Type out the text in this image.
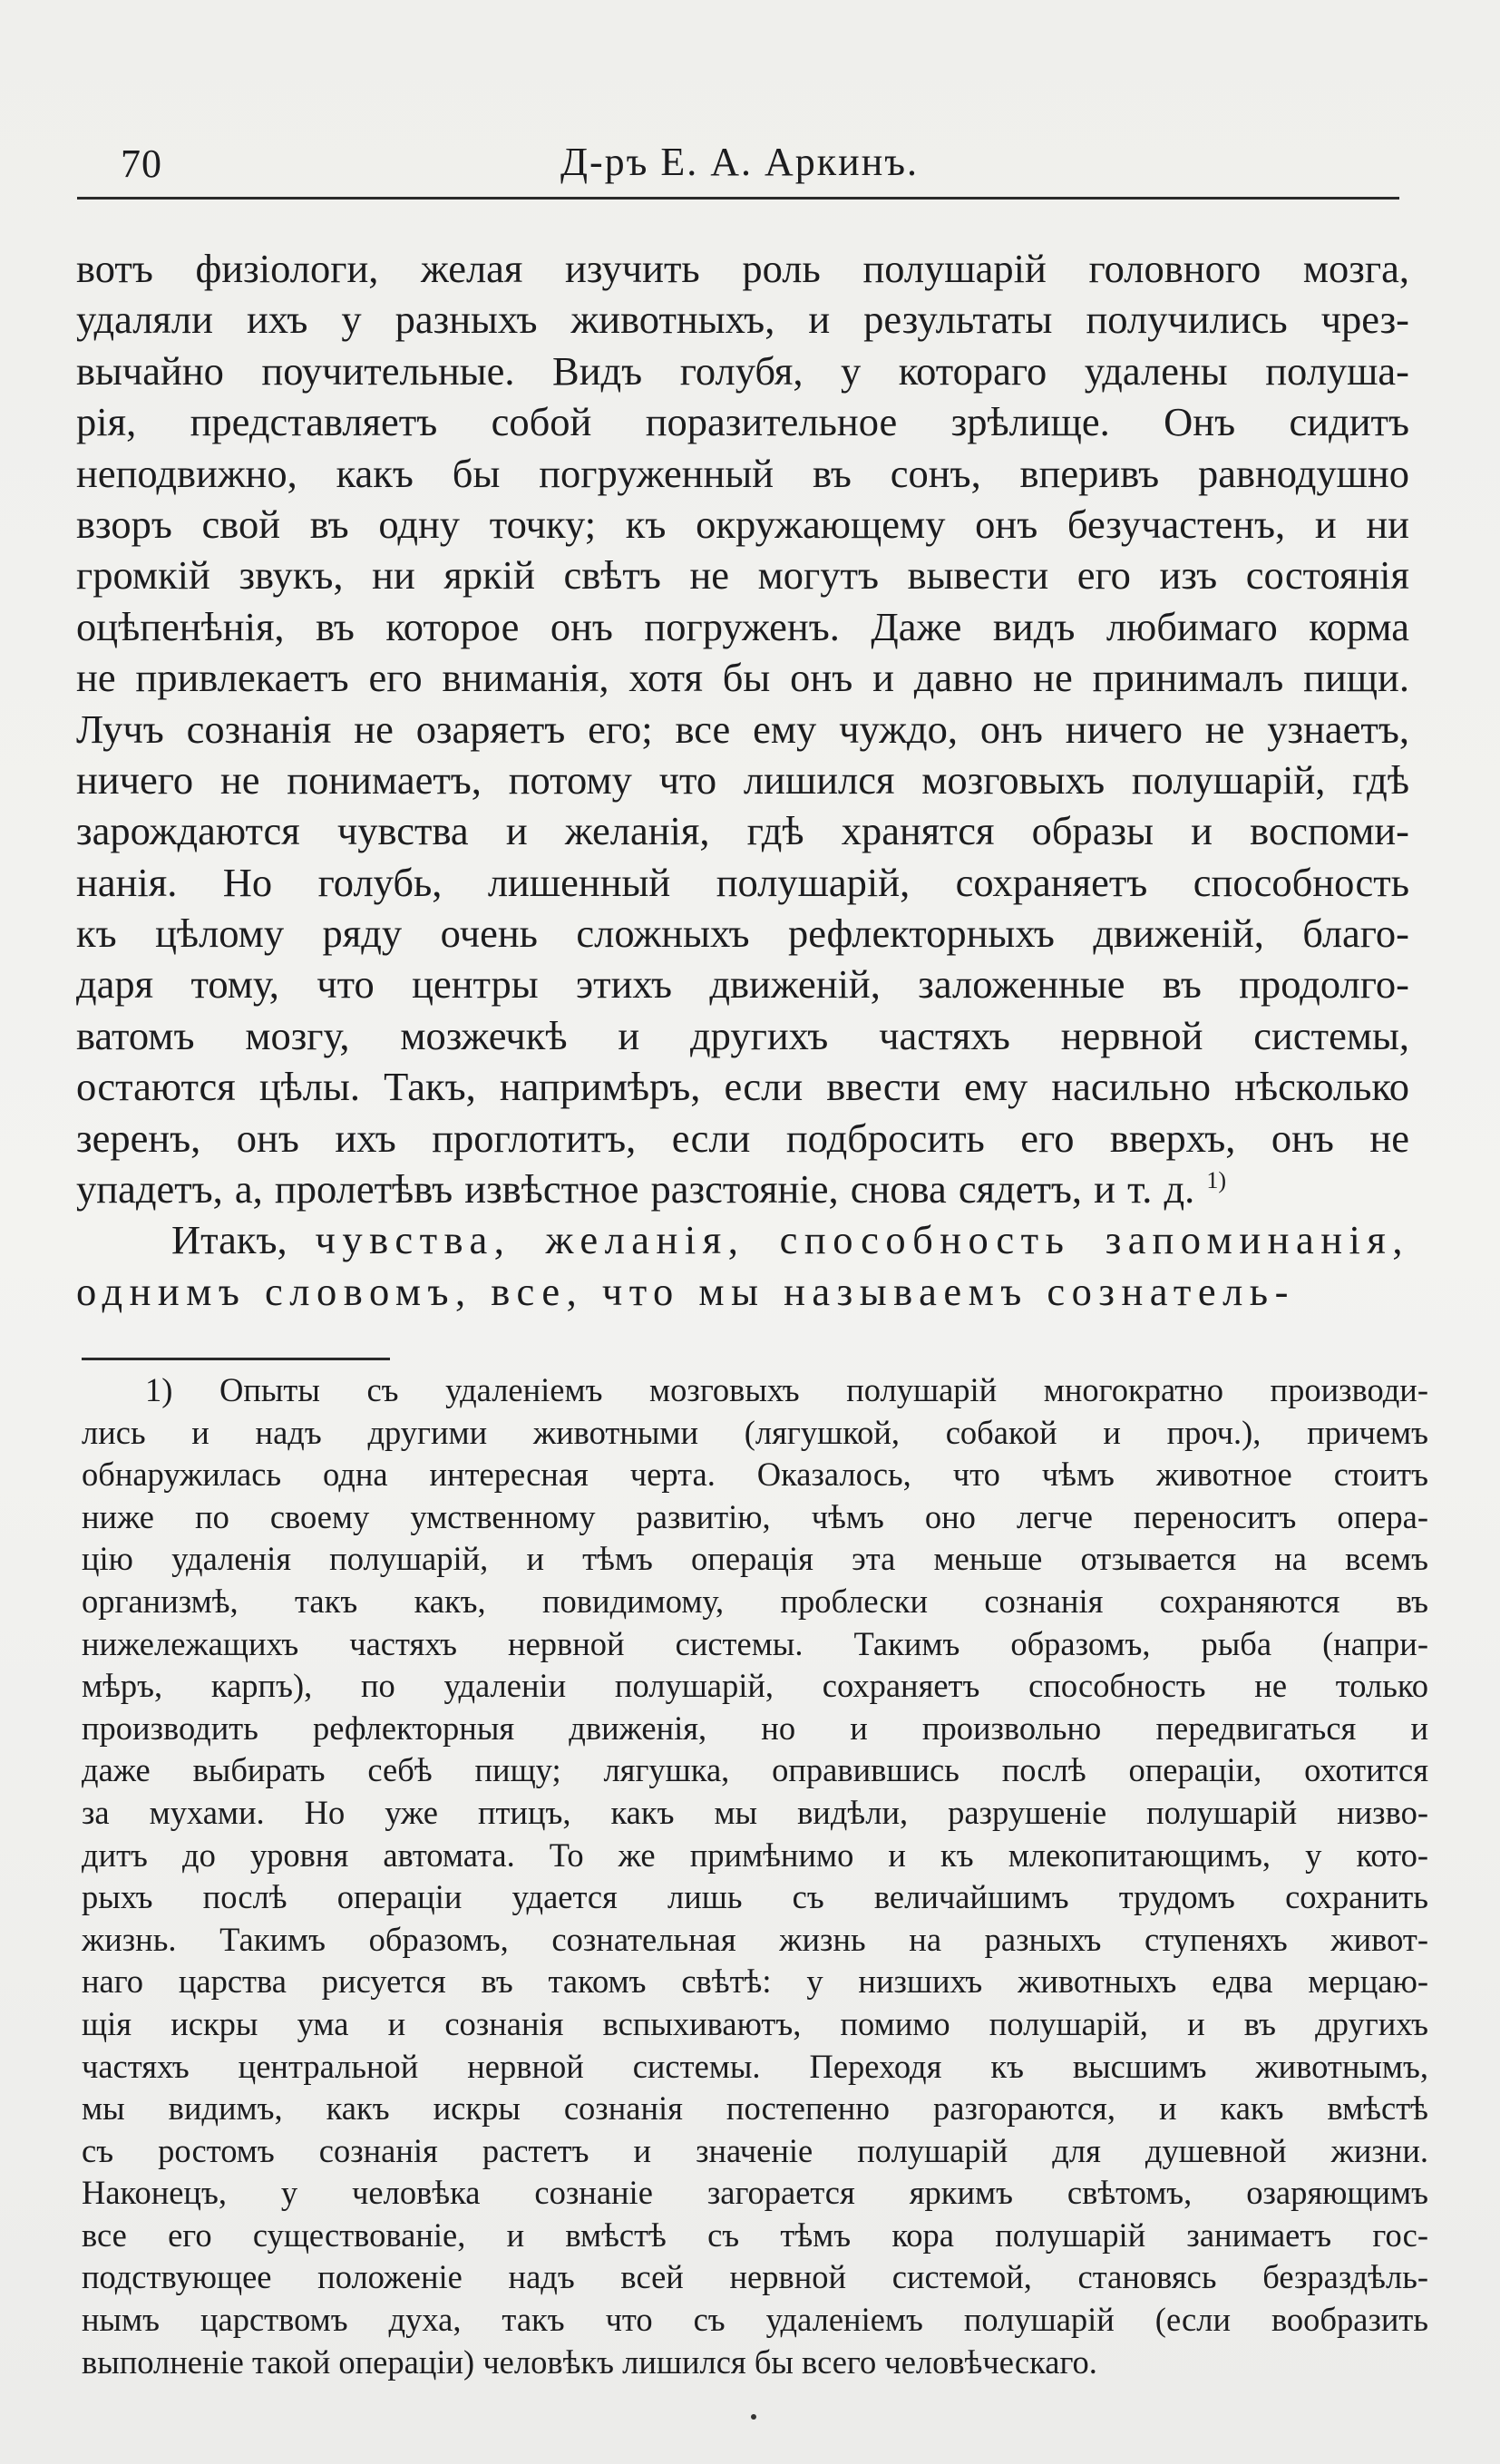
70	Д-ръ Е. А. Аркинъ.
вотъ физiологи, желая изучить роль полушарiй головного мозга,
удаляли ихъ у разныхъ животныхъ, и результаты получились чрез-
вычайно поучительные. Видъ голубя, у котораго удалены полуша-
рiя, представляетъ собой поразительное зрѣлище. Онъ сидитъ
неподвижно, какъ бы погруженный въ сонъ, вперивъ равнодушно
взоръ свой въ одну точку; къ окружающему онъ безучастенъ, и ни
громкiй звукъ, ни яркiй свѣтъ не могутъ вывести его изъ состоянiя
оцѣпенѣнiя, въ которое онъ погруженъ. Даже видъ любимаго корма
не привлекаетъ его вниманiя, хотя бы онъ и давно не принималъ пищи.
Лучъ сознанiя не озаряетъ его; все ему чуждо, онъ ничего не узнаетъ,
ничего не понимаетъ, потому что лишился мозговыхъ полушарiй, гдѣ
зарождаются чувства и желанiя, гдѣ хранятся образы и воспоми-
нанiя. Но голубь, лишенный полушарiй, сохраняетъ способность
къ цѣлому ряду очень сложныхъ рефлекторныхъ движенiй, благо-
даря тому, что центры этихъ движенiй, заложенные въ продолго-
ватомъ мозгу, мозжечкѣ и другихъ частяхъ нервной системы,
остаются цѣлы. Такъ, напримѣръ, если ввести ему насильно нѣсколько
зеренъ, онъ ихъ проглотитъ, если подбросить его вверхъ, онъ не
упадетъ, а, пролетѣвъ извѣстное разстоянiе, снова сядетъ, и т. д. $^{1)}$
Итакъ, чувства, желанiя, способность запоминанiя,
однимъ словомъ, все, что мы называемъ сознатель-
1) Опыты съ удаленiемъ мозговыхъ полушарiй многократно производи-
лись и надъ другими животными (лягушкой, собакой и проч.), причемъ
обнаружилась одна интересная черта. Оказалось, что чѣмъ животное стоитъ
ниже по своему умственному развитiю, чѣмъ оно легче переноситъ опера-
цiю удаленiя полушарiй, и тѣмъ операцiя эта меньше отзывается на всемъ
организмѣ, такъ какъ, повидимому, проблески сознанiя сохраняются въ
нижележащихъ частяхъ нервной системы. Такимъ образомъ, рыба (напри-
мѣръ, карпъ), по удаленiи полушарiй, сохраняетъ способность не только
производить рефлекторныя движенiя, но и произвольно передвигаться и
даже выбирать себѣ пищу; лягушка, оправившись послѣ операцiи, охотится
за мухами. Но уже птицъ, какъ мы видѣли, разрушенiе полушарiй низво-
дитъ до уровня автомата. То же примѣнимо и къ млекопитающимъ, у кото-
рыхъ послѣ операцiи удается лишь съ величайшимъ трудомъ сохранить
жизнь. Такимъ образомъ, сознательная жизнь на разныхъ ступеняхъ живот-
наго царства рисуется въ такомъ свѣтѣ: у низшихъ животныхъ едва мерцаю-
щiя искры ума и сознанiя вспыхиваютъ, помимо полушарiй, и въ другихъ
частяхъ центральной нервной системы. Переходя къ высшимъ животнымъ,
мы видимъ, какъ искры сознанiя постепенно разгораются, и какъ вмѣстѣ
съ ростомъ сознанiя растетъ и значенiе полушарiй для душевной жизни.
Наконецъ, у человѣка сознанiе загорается яркимъ свѣтомъ, озаряющимъ
все его существованiе, и вмѣстѣ съ тѣмъ кора полушарiй занимаетъ гос-
подствующее положенiе надъ всей нервной системой, становясь безраздѣль-
нымъ царствомъ духа, такъ что съ удаленiемъ полушарiй (если вообразить
выполненiе такой операцiи) человѣкъ лишился бы всего человѣческаго.
